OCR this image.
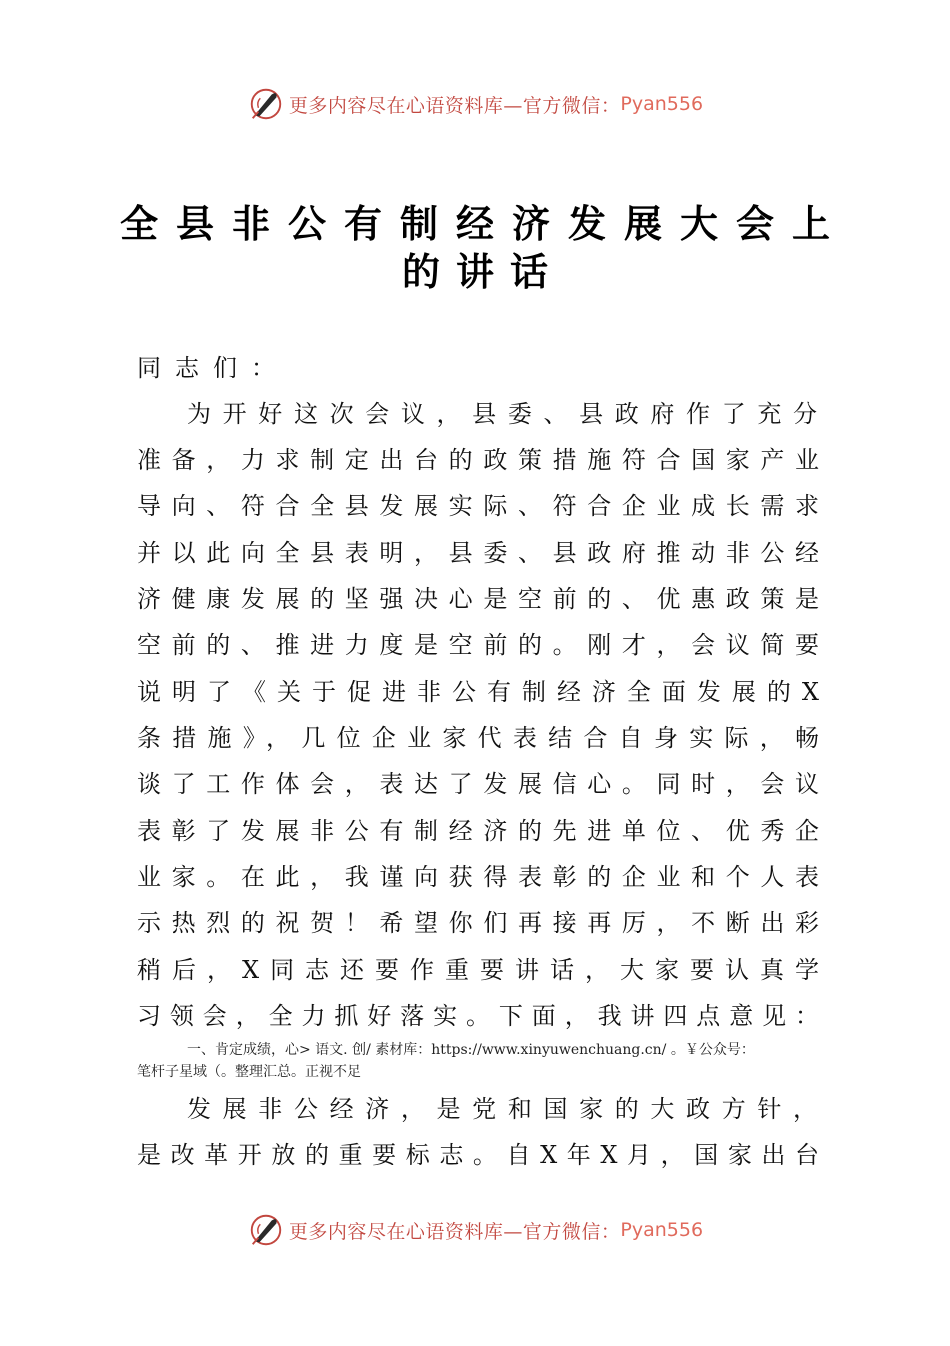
更多内容尽在心语资料库—官方微信： Pyan556
全县非公有制经济发展大会上
的讲话
同志们：
为开好这次会议，县委、县政府作了充分
准备，力求制定出台的政策措施符合国家产业
导向、符合全县发展实际、符合企业成长需求
并以此向全县表明，县委、县政府推动非公经
济健康发展的坚强决心是空前的、优惠政策是
空前的、推进力度是空前的。刚才，会议简要
说明了《关于促进非公有制经济全面发展的X
条措施》，几位企业家代表结合自身实际，畅
谈了工作体会，表达了发展信心。同时，会议
表彰了发展非公有制经济的先进单位、优秀企
业家。在此，我谨向获得表彰的企业和个人表
示热烈的祝贺！希望你们再接再厉，不断出彩
稍后，X同志还要作重要讲话，大家要认真学
习领会，全力抓好落实。下面，我讲四点意见：
一、肯定成绩，心> 语文. 创/ 素材库：https://www.xinyuwenchuang.cn/ 。￥公众号：
笔杆子星域（。整理汇总。正视不足
发展非公经济，是党和国家的大政方针，
是改革开放的重要标志。自X年X月，国家出台
更多内容尽在心语资料库—官方微信： Pyan556
